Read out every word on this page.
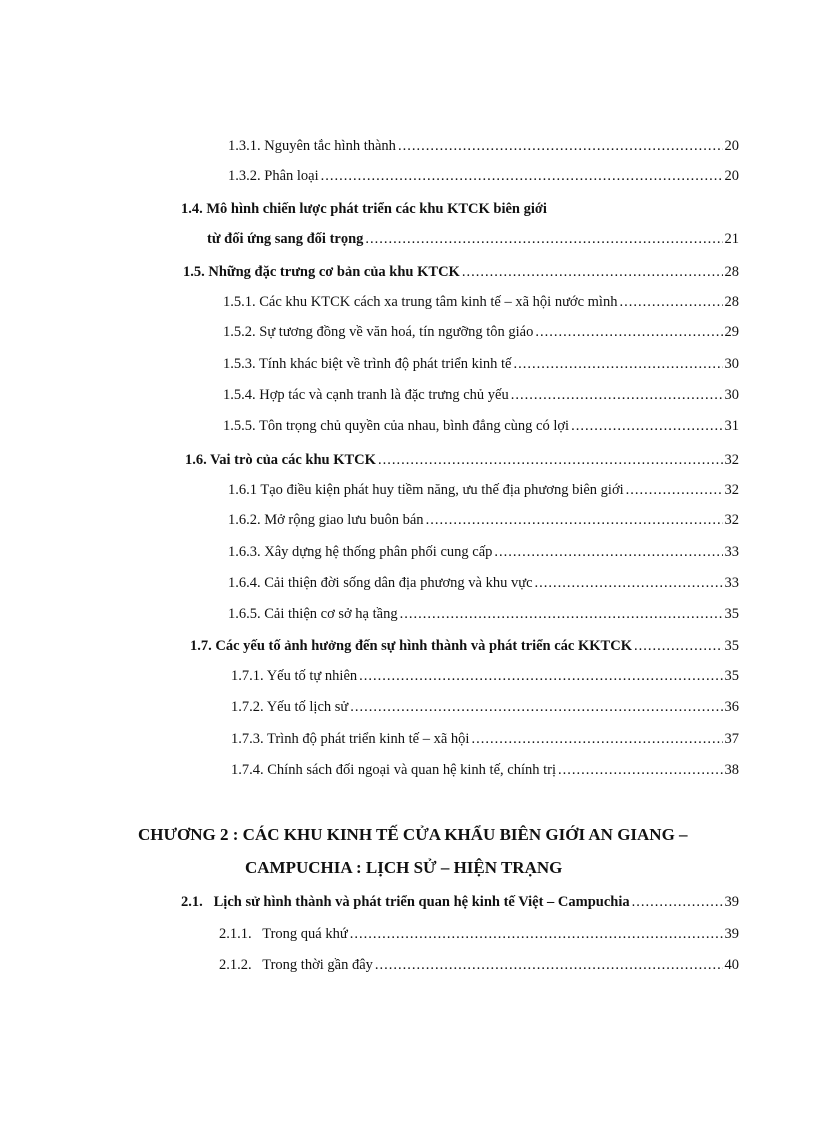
1.3.1. Nguyên tắc hình thành .....	20
1.3.2. Phân loại .....	20
1.4. Mô hình chiến lược phát triển các khu KTCK biên giới
từ đối ứng sang đối trọng .....	21
1.5. Những đặc trưng cơ bản của khu KTCK .....	28
1.5.1. Các khu KTCK cách xa trung tâm kinh tế – xã hội nước mình .....	28
1.5.2. Sự tương đồng về văn hoá, tín ngưỡng tôn giáo .....	29
1.5.3. Tính khác biệt về trình độ phát triển kinh tế .....	30
1.5.4. Hợp tác và cạnh tranh là đặc trưng chủ yếu .....	30
1.5.5. Tôn trọng chủ quyền của nhau, bình đẳng cùng có lợi .....	31
1.6. Vai trò của các khu KTCK .....	32
1.6.1 Tạo điều kiện phát huy tiềm năng, ưu thế địa phương biên giới .....	32
1.6.2. Mở rộng giao lưu buôn bán .....	32
1.6.3. Xây dựng hệ thống phân phối cung cấp .....	33
1.6.4. Cải thiện đời sống dân địa phương và khu vực .....	33
1.6.5. Cải thiện cơ sở hạ tầng .....	35
1.7. Các yếu tố ảnh hưởng đến sự hình thành và phát triển các KKTCK .....	35
1.7.1. Yếu tố tự nhiên .....	35
1.7.2. Yếu tố lịch sử .....	36
1.7.3. Trình độ phát triển kinh tế – xã hội .....	37
1.7.4. Chính sách đối ngoại và quan hệ kinh tế, chính trị .....	38
CHƯƠNG 2 : CÁC KHU KINH TẾ CỬA KHẨU BIÊN GIỚI AN GIANG –
CAMPUCHIA : LỊCH SỬ – HIỆN TRẠNG
2.1.   Lịch sử hình thành và phát triển quan hệ kinh tế Việt – Campuchia .....	39
2.1.1.   Trong quá khứ .....	39
2.1.2.   Trong thời gần đây .....	40
